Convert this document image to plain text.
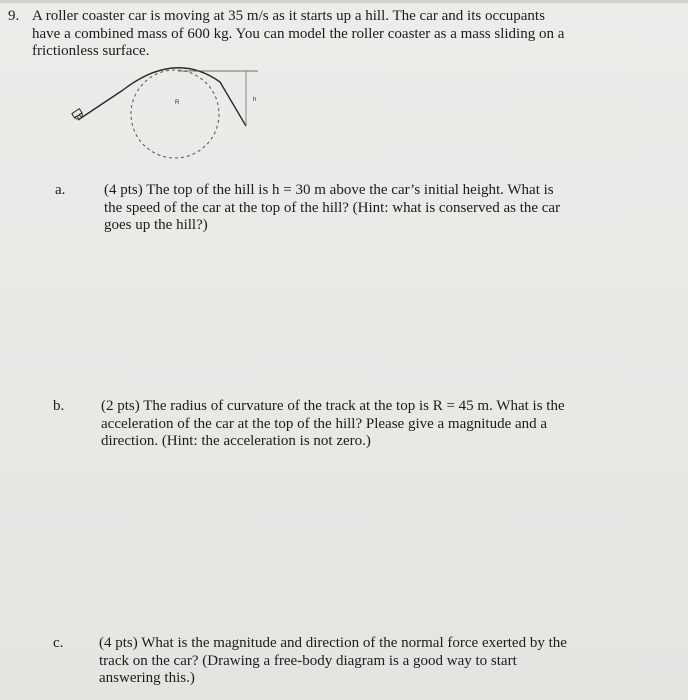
9. A roller coaster car is moving at 35 m/s as it starts up a hill. The car and its occupants have a combined mass of 600 kg. You can model the roller coaster as a mass sliding on a frictionless surface.
R	h
a.	(4 pts) The top of the hill is h = 30 m above the car’s initial height. What is the speed of the car at the top of the hill? (Hint: what is conserved as the car goes up the hill?)
b. (2 pts) The radius of curvature of the track at the top is R = 45 m. What is the acceleration of the car at the top of the hill? Please give a magnitude and a direction. (Hint: the acceleration is not zero.)
c. (4 pts) What is the magnitude and direction of the normal force exerted by the track on the car? (Drawing a free-body diagram is a good way to start answering this.)
